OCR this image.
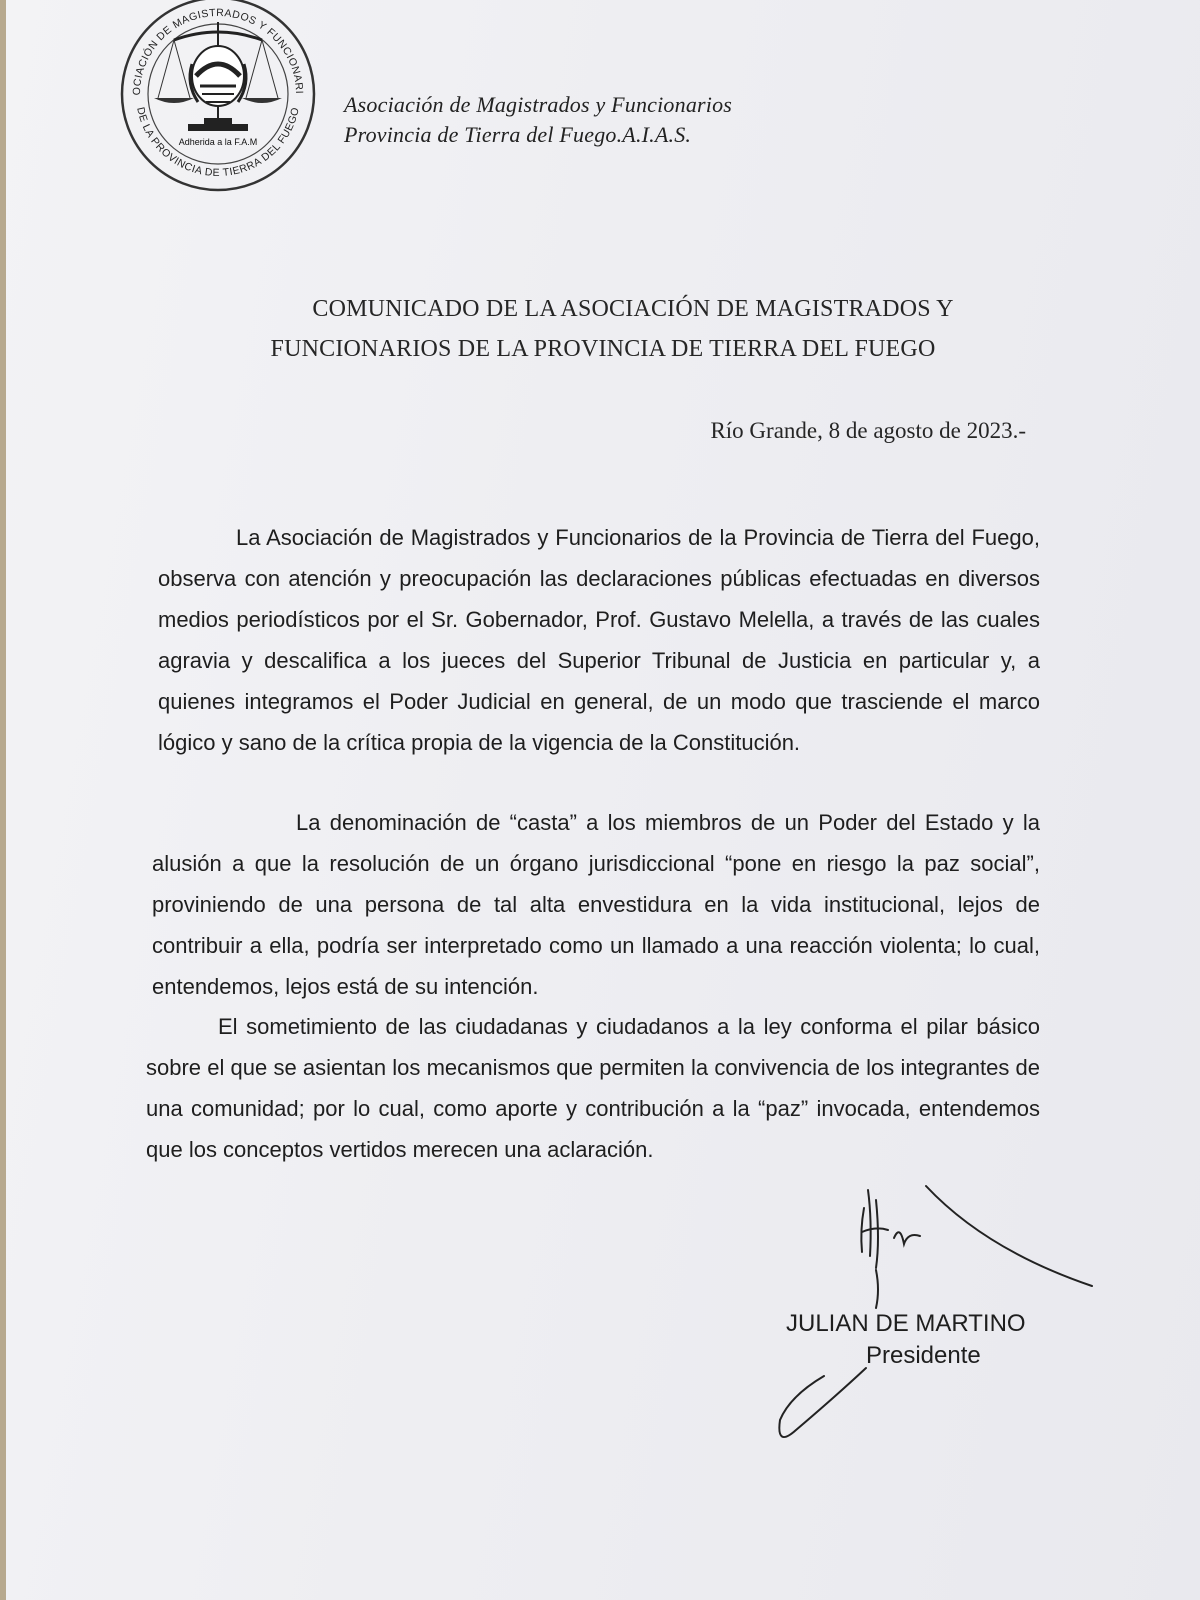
OCIACIÓN DE MAGISTRADOS Y FUNCIONARI
DE LA PROVINCIA DE TIERRA DEL FUEGO
Adherida a la F.A.M
Asociación de Magistrados y Funcionarios
Provincia de Tierra del Fuego.A.I.A.S.
COMUNICADO DE LA ASOCIACIÓN DE MAGISTRADOS Y
FUNCIONARIOS DE LA PROVINCIA DE TIERRA DEL FUEGO
Río Grande, 8 de agosto de 2023.-

La Asociación de Magistrados y Funcionarios de la Provincia de Tierra del Fuego, observa con atención y preocupación las declaraciones públicas efectuadas en diversos medios periodísticos por el Sr. Gobernador, Prof. Gustavo Melella, a través de las cuales agravia y descalifica a los jueces del Superior Tribunal de Justicia en particular y, a quienes integramos el Poder Judicial en general, de un modo que trasciende el marco lógico y sano de la crítica propia de la vigencia de la Constitución.

La denominación de “casta” a los miembros de un Poder del Estado y la alusión a que la resolución de un órgano jurisdiccional “pone en riesgo la paz social”, proviniendo de una persona de tal alta envestidura en la vida institucional, lejos de contribuir a ella, podría ser interpretado como un llamado a una reacción violenta; lo cual, entendemos, lejos está de su intención.

El sometimiento de las ciudadanas y ciudadanos a la ley conforma el pilar básico sobre el que se asientan los mecanismos que permiten la convivencia de los integrantes de una comunidad; por lo cual, como aporte y contribución a la “paz” invocada, entendemos que los conceptos vertidos merecen una aclaración.

JULIAN DE MARTINO
Presidente
